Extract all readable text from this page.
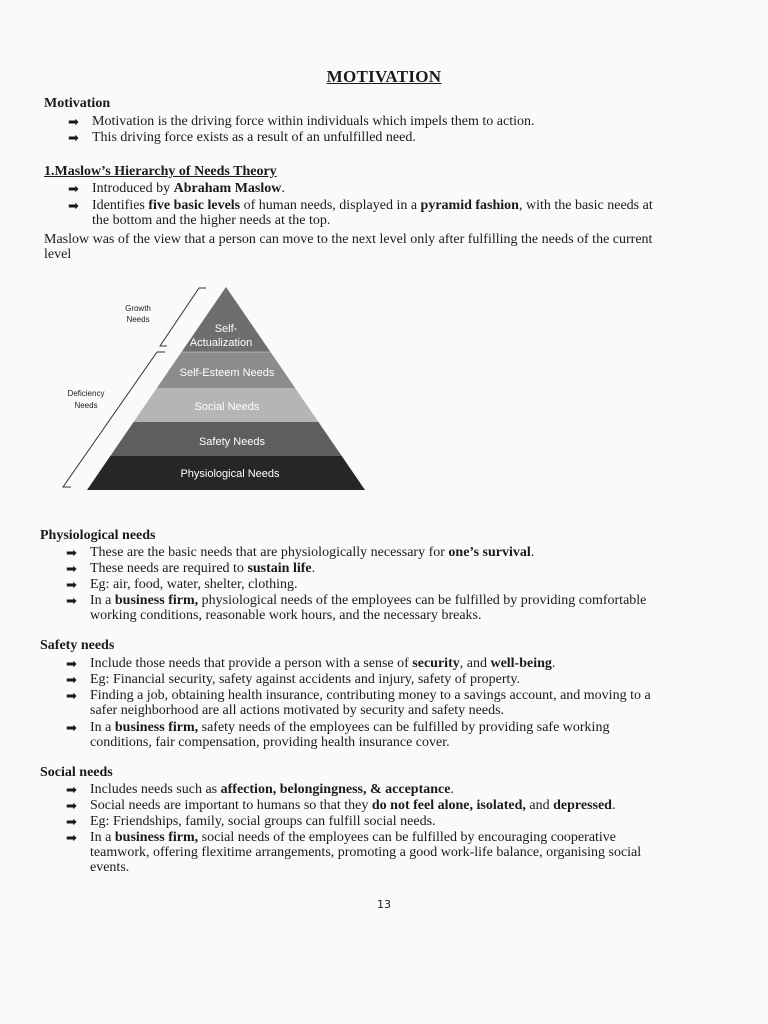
MOTIVATION
Motivation
➡ Motivation is the driving force within individuals which impels them to action.
➡ This driving force exists as a result of an unfulfilled need.
1.Maslow’s Hierarchy of Needs Theory
➡ Introduced by Abraham Maslow.
➡ Identifies five basic levels of human needs, displayed in a pyramid fashion, with the basic needs at
the bottom and the higher needs at the top.
Maslow was of the view that a person can move to the next level only after fulfilling the needs of the current
level
Self-
Actualization
Self-Esteem Needs
Social Needs
Safety Needs
Physiological Needs
Growth
Needs
Deficiency
Needs
Physiological needs
➡ These are the basic needs that are physiologically necessary for one’s survival.
➡ These needs are required to sustain life.
➡ Eg: air, food, water, shelter, clothing.
➡ In a business firm, physiological needs of the employees can be fulfilled by providing comfortable
working conditions, reasonable work hours, and the necessary breaks.
Safety needs
➡ Include those needs that provide a person with a sense of security, and well-being.
➡ Eg: Financial security, safety against accidents and injury, safety of property.
➡ Finding a job, obtaining health insurance, contributing money to a savings account, and moving to a
safer neighborhood are all actions motivated by security and safety needs.
➡ In a business firm, safety needs of the employees can be fulfilled by providing safe working
conditions, fair compensation, providing health insurance cover.
Social needs
➡ Includes needs such as affection, belongingness, & acceptance.
➡ Social needs are important to humans so that they do not feel alone, isolated, and depressed.
➡ Eg: Friendships, family, social groups can fulfill social needs.
➡ In a business firm, social needs of the employees can be fulfilled by encouraging cooperative
teamwork, offering flexitime arrangements, promoting a good work-life balance, organising social
events.
13
